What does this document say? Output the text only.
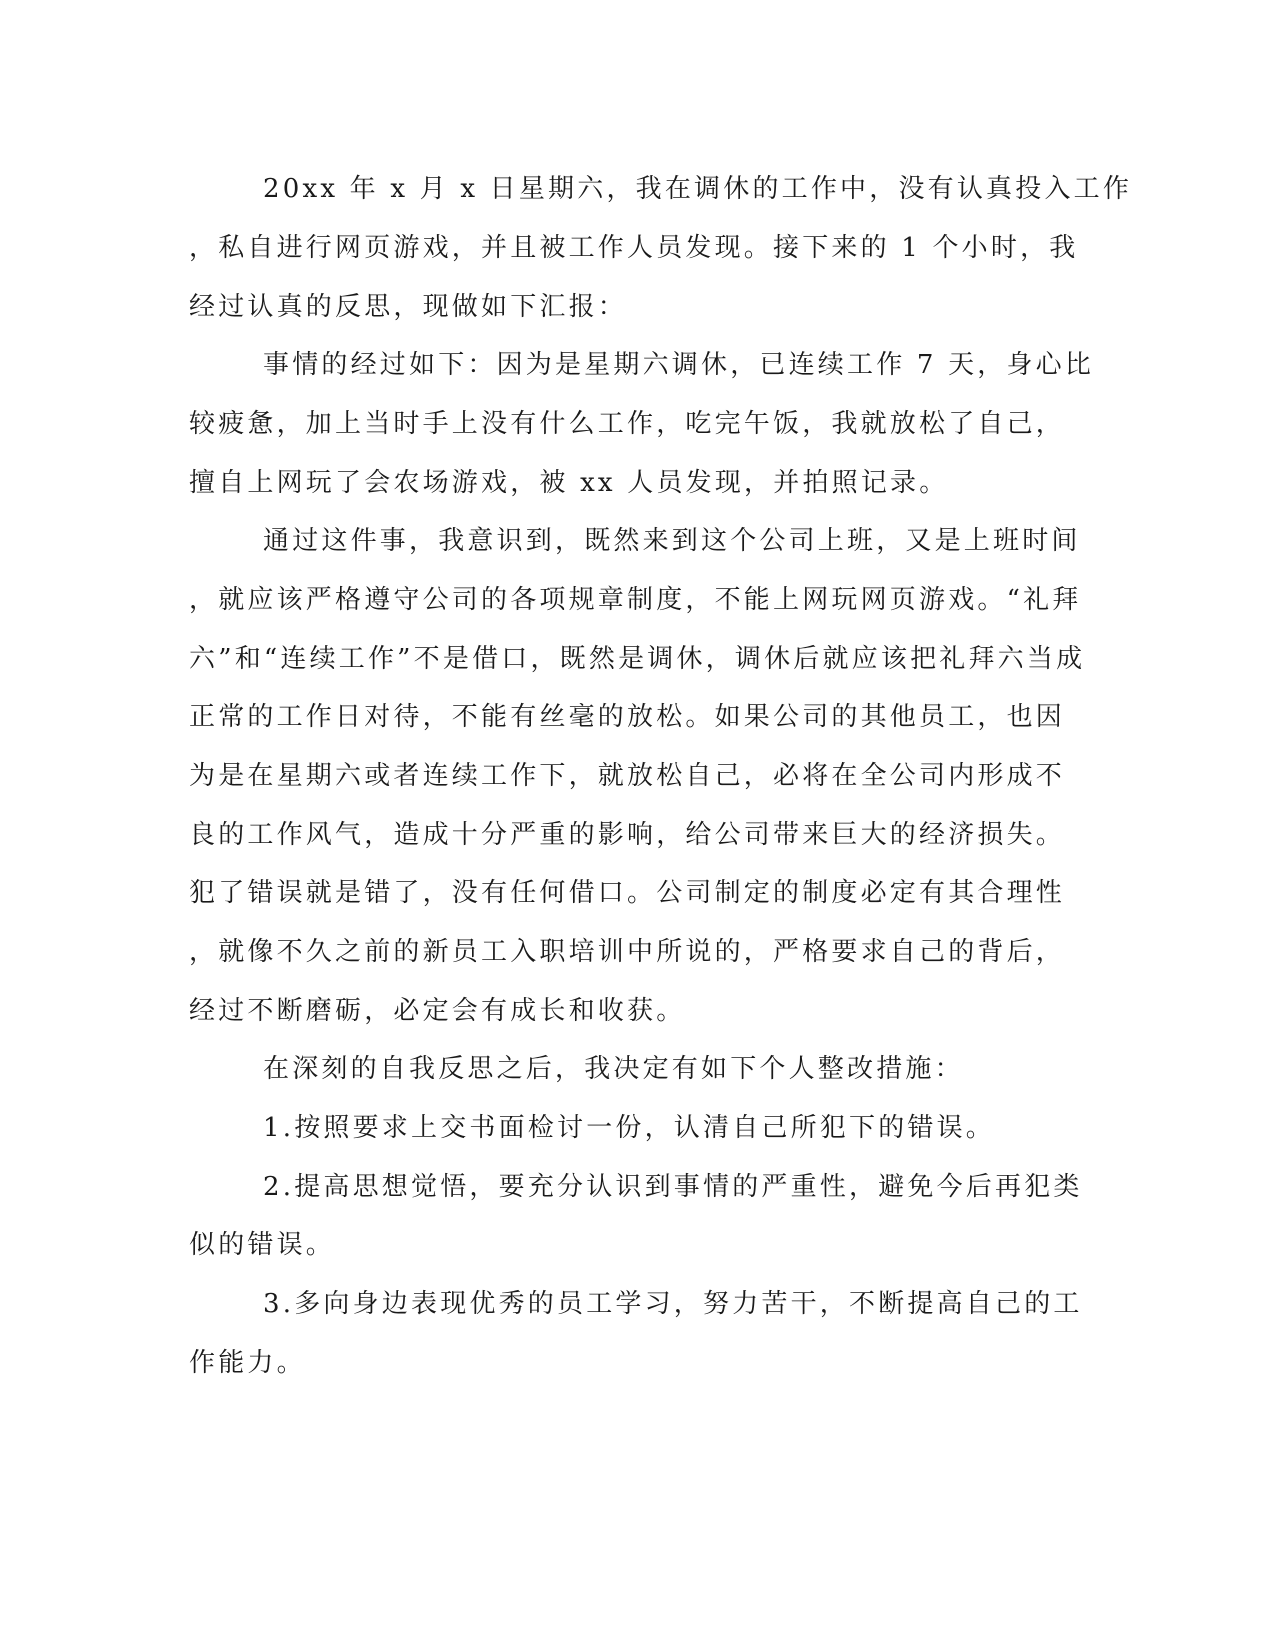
20xx 年 x 月 x 日星期六，我在调休的工作中，没有认真投入工作
，私自进行网页游戏，并且被工作人员发现。接下来的 1 个小时，我
经过认真的反思，现做如下汇报：
事情的经过如下：因为是星期六调休，已连续工作 7 天，身心比
较疲惫，加上当时手上没有什么工作，吃完午饭，我就放松了自己，
擅自上网玩了会农场游戏，被 xx 人员发现，并拍照记录。
通过这件事，我意识到，既然来到这个公司上班，又是上班时间
，就应该严格遵守公司的各项规章制度，不能上网玩网页游戏。“礼拜
六”和“连续工作”不是借口，既然是调休，调休后就应该把礼拜六当成
正常的工作日对待，不能有丝毫的放松。如果公司的其他员工，也因
为是在星期六或者连续工作下，就放松自己，必将在全公司内形成不
良的工作风气，造成十分严重的影响，给公司带来巨大的经济损失。
犯了错误就是错了，没有任何借口。公司制定的制度必定有其合理性
，就像不久之前的新员工入职培训中所说的，严格要求自己的背后，
经过不断磨砺，必定会有成长和收获。
在深刻的自我反思之后，我决定有如下个人整改措施：
1.按照要求上交书面检讨一份，认清自己所犯下的错误。
2.提高思想觉悟，要充分认识到事情的严重性，避免今后再犯类
似的错误。
3.多向身边表现优秀的员工学习，努力苦干，不断提高自己的工
作能力。
